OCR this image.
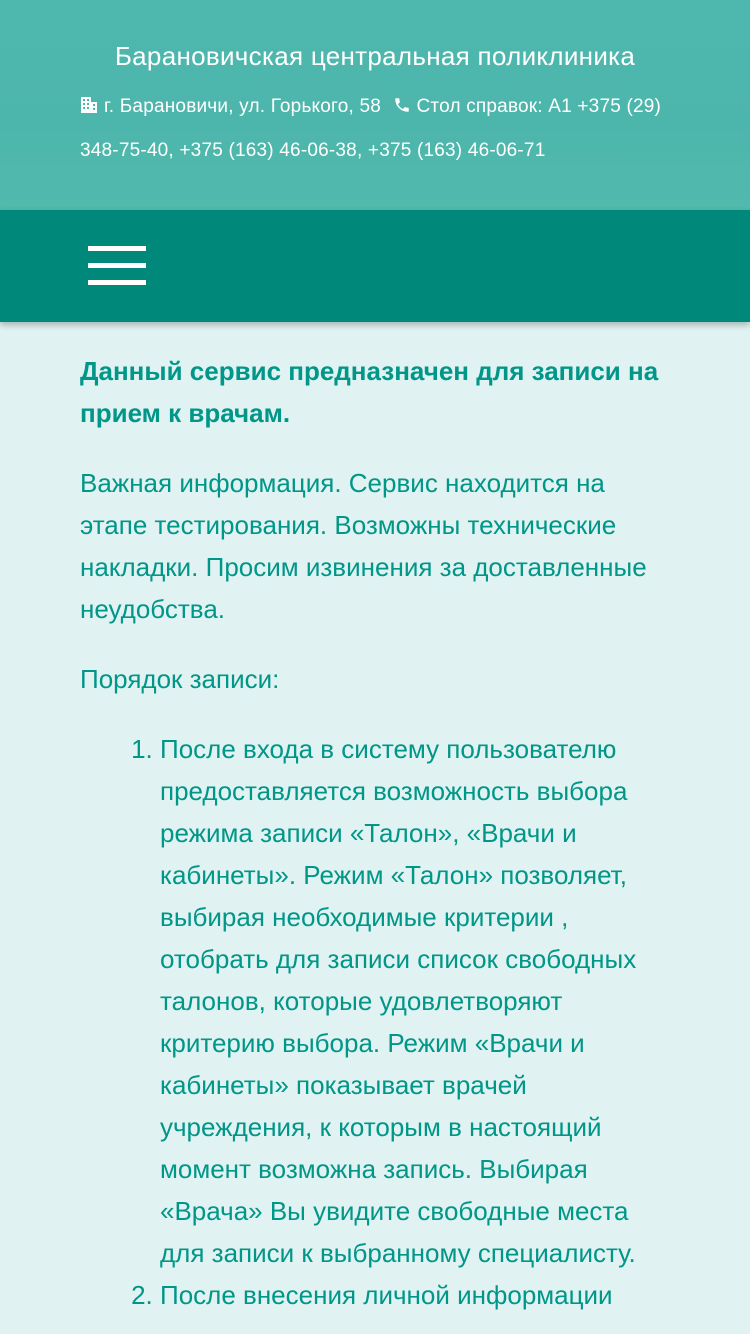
Барановичская центральная поликлиника
г. Барановичи, ул. Горького, 58 Стол справок: А1 +375 (29) 348-75-40, +375 (163) 46-06-38, +375 (163) 46-06-71

Данный сервис предназначен для записи на прием к врачам.

Важная информация. Сервис находится на этапе тестирования. Возможны технические накладки. Просим извинения за доставленные неудобства.

Порядок записи:

1. После входа в систему пользователю предоставляется возможность выбора режима записи «Талон», «Врачи и кабинеты». Режим «Талон» позволяет, выбирая необходимые критерии , отобрать для записи список свободных талонов, которые удовлетворяют критерию выбора. Режим «Врачи и кабинеты» показывает врачей учреждения, к которым в настоящий момент возможна запись. Выбирая «Врача» Вы увидите свободные места для записи к выбранному специалисту.
2. После внесения личной информации
